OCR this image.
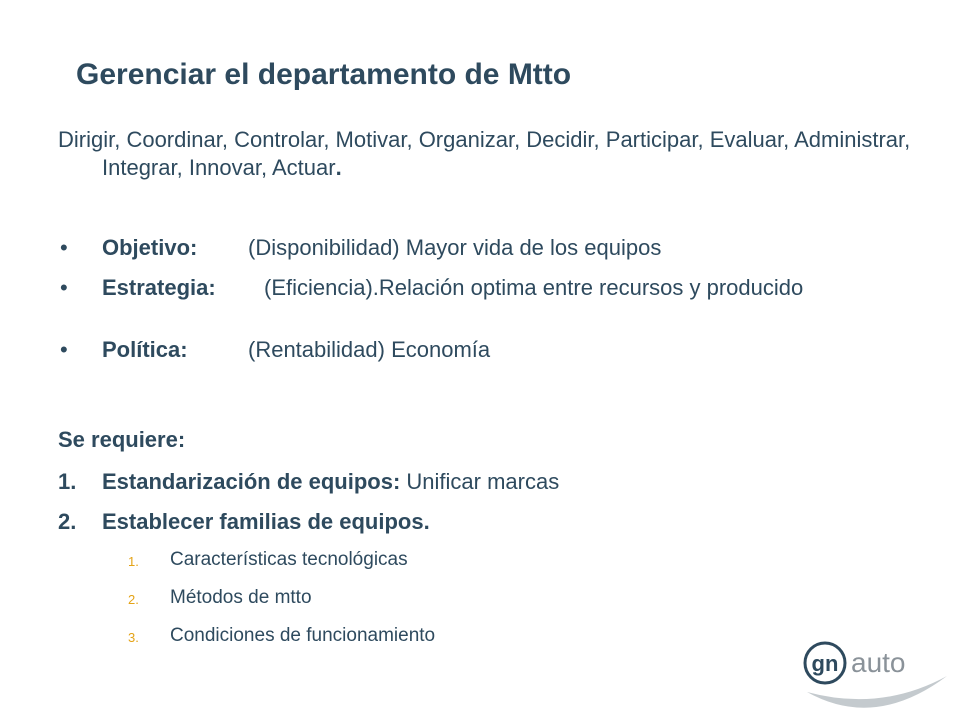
Gerenciar el departamento de Mtto
Dirigir, Coordinar, Controlar, Motivar, Organizar, Decidir, Participar, Evaluar, Administrar, Integrar, Innovar, Actuar.
• Objetivo: (Disponibilidad) Mayor vida de los equipos
• Estrategia: (Eficiencia).Relación optima entre recursos y producido
• Política:	(Rentabilidad) Economía
Se requiere:
1. Estandarización de equipos: Unificar marcas
2. Establecer familias de equipos.
1. Características tecnológicas
2. Métodos de mtto
3. Condiciones de funcionamiento
gn auto
